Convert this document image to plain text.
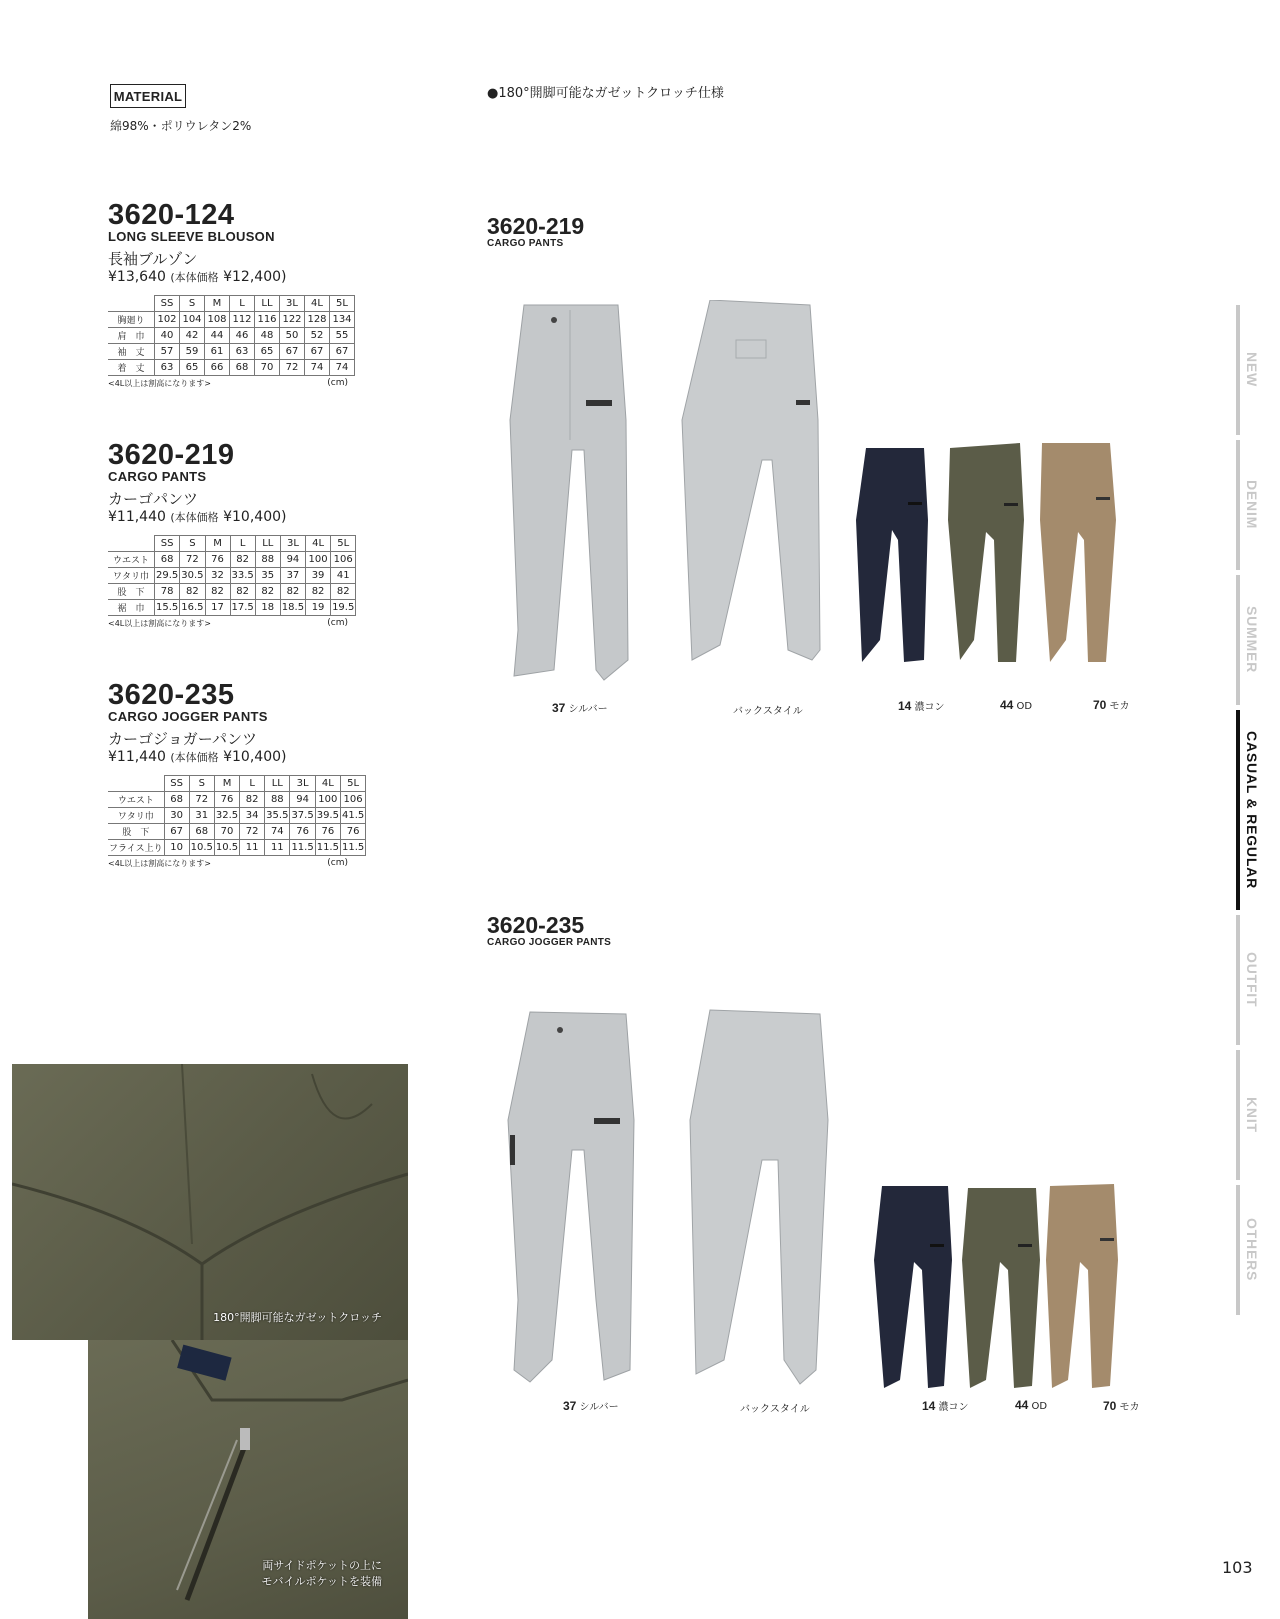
MATERIAL
綿98%・ポリウレタン2%
3620-124
LONG SLEEVE BLOUSON
長袖ブルゾン
¥13,640 (本体価格 ¥12,400)
	SS	S	M	L	LL	3L	4L	5L
胸廻り	102	104	108	112	116	122	128	134
肩　巾	40	42	44	46	48	50	52	55
袖　丈	57	59	61	63	65	67	67	67
着　丈	63	65	66	68	70	72	74	74
<4L以上は割高になります>	(cm)
3620-219
CARGO PANTS
カーゴパンツ
¥11,440 (本体価格 ¥10,400)
	SS	S	M	L	LL	3L	4L	5L
ウエスト	68	72	76	82	88	94	100	106
ワタリ巾	29.5	30.5	32	33.5	35	37	39	41
股　下	78	82	82	82	82	82	82	82
裾　巾	15.5	16.5	17	17.5	18	18.5	19	19.5
<4L以上は割高になります>	(cm)
3620-235
CARGO JOGGER PANTS
カーゴジョガーパンツ
¥11,440 (本体価格 ¥10,400)
	SS	S	M	L	LL	3L	4L	5L
ウエスト	68	72	76	82	88	94	100	106
ワタリ巾	30	31	32.5	34	35.5	37.5	39.5	41.5
股　下	67	68	70	72	74	76	76	76
フライス上り	10	10.5	10.5	11	11	11.5	11.5	11.5
<4L以上は割高になります>	(cm)
●180°開脚可能なガゼットクロッチ仕様
3620-219
CARGO PANTS
37 シルバー	バックスタイル	14 濃コン	44 OD	70 モカ
3620-235
CARGO JOGGER PANTS
37 シルバー	バックスタイル	14 濃コン	44 OD	70 モカ
180°開脚可能なガゼットクロッチ
両サイドポケットの上に
モバイルポケットを装備
NEW
DENIM
SUMMER
CASUAL & REGULAR
OUTFIT
KNIT
OTHERS
103
